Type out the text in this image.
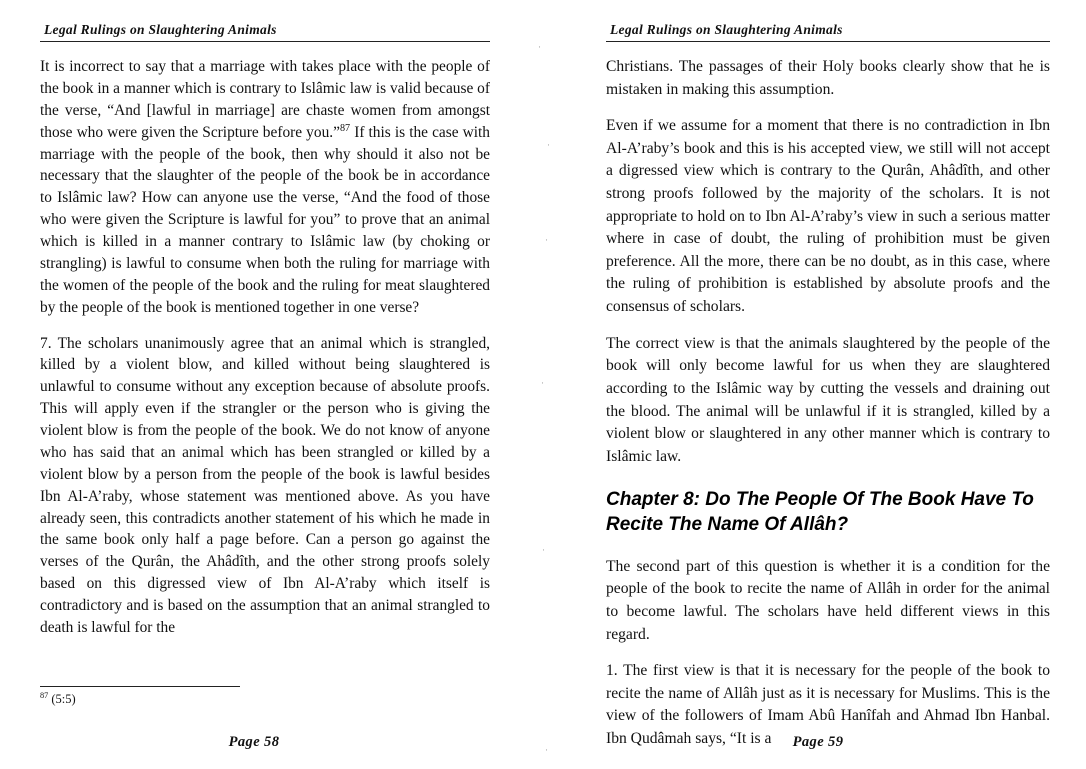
Legal Rulings on Slaughtering Animals

It is incorrect to say that a marriage with takes place with the people of the book in a manner which is contrary to Islâmic law is valid because of the verse, “And [lawful in marriage] are chaste women from amongst those who were given the Scripture before you.”$^{87}$ If this is the case with marriage with the people of the book, then why should it also not be necessary that the slaughter of the people of the book be in accordance to Islâmic law? How can anyone use the verse, “And the food of those who were given the Scripture is lawful for you” to prove that an animal which is killed in a manner contrary to Islâmic law (by choking or strangling) is lawful to consume when both the ruling for marriage with the women of the people of the book and the ruling for meat slaughtered by the people of the book is mentioned together in one verse?

7. The scholars unanimously agree that an animal which is strangled, killed by a violent blow, and killed without being slaughtered is unlawful to consume without any exception because of absolute proofs. This will apply even if the strangler or the person who is giving the violent blow is from the people of the book. We do not know of anyone who has said that an animal which has been strangled or killed by a violent blow by a person from the people of the book is lawful besides Ibn Al-A’raby, whose statement was mentioned above. As you have already seen, this contradicts another statement of his which he made in the same book only half a page before. Can a person go against the verses of the Qurân, the Ahâdîth, and the other strong proofs solely based on this digressed view of Ibn Al-A’raby which itself is contradictory and is based on the assumption that an animal strangled to death is lawful for the

$^{87}$ (5:5)
Page 58
·
·
·
·
·
·
Legal Rulings on Slaughtering Animals

Christians. The passages of their Holy books clearly show that he is mistaken in making this assumption.

Even if we assume for a moment that there is no contradiction in Ibn Al-A’raby’s book and this is his accepted view, we still will not accept a digressed view which is contrary to the Qurân, Ahâdîth, and other strong proofs followed by the majority of the scholars. It is not appropriate to hold on to Ibn Al-A’raby’s view in such a serious matter where in case of doubt, the ruling of prohibition must be given preference. All the more, there can be no doubt, as in this case, where the ruling of prohibition is established by absolute proofs and the consensus of scholars.

The correct view is that the animals slaughtered by the people of the book will only become lawful for us when they are slaughtered according to the Islâmic way by cutting the vessels and draining out the blood. The animal will be unlawful if it is strangled, killed by a violent blow or slaughtered in any other manner which is contrary to Islâmic law.

Chapter 8: Do The People Of The Book Have To Recite The Name Of Allâh?

The second part of this question is whether it is a condition for the people of the book to recite the name of Allâh in order for the animal to become lawful. The scholars have held different views in this regard.

1. The first view is that it is necessary for the people of the book to recite the name of Allâh just as it is necessary for Muslims. This is the view of the followers of Imam Abû Hanîfah and Ahmad Ibn Hanbal. Ibn Qudâmah says, “It is a	Page 59
